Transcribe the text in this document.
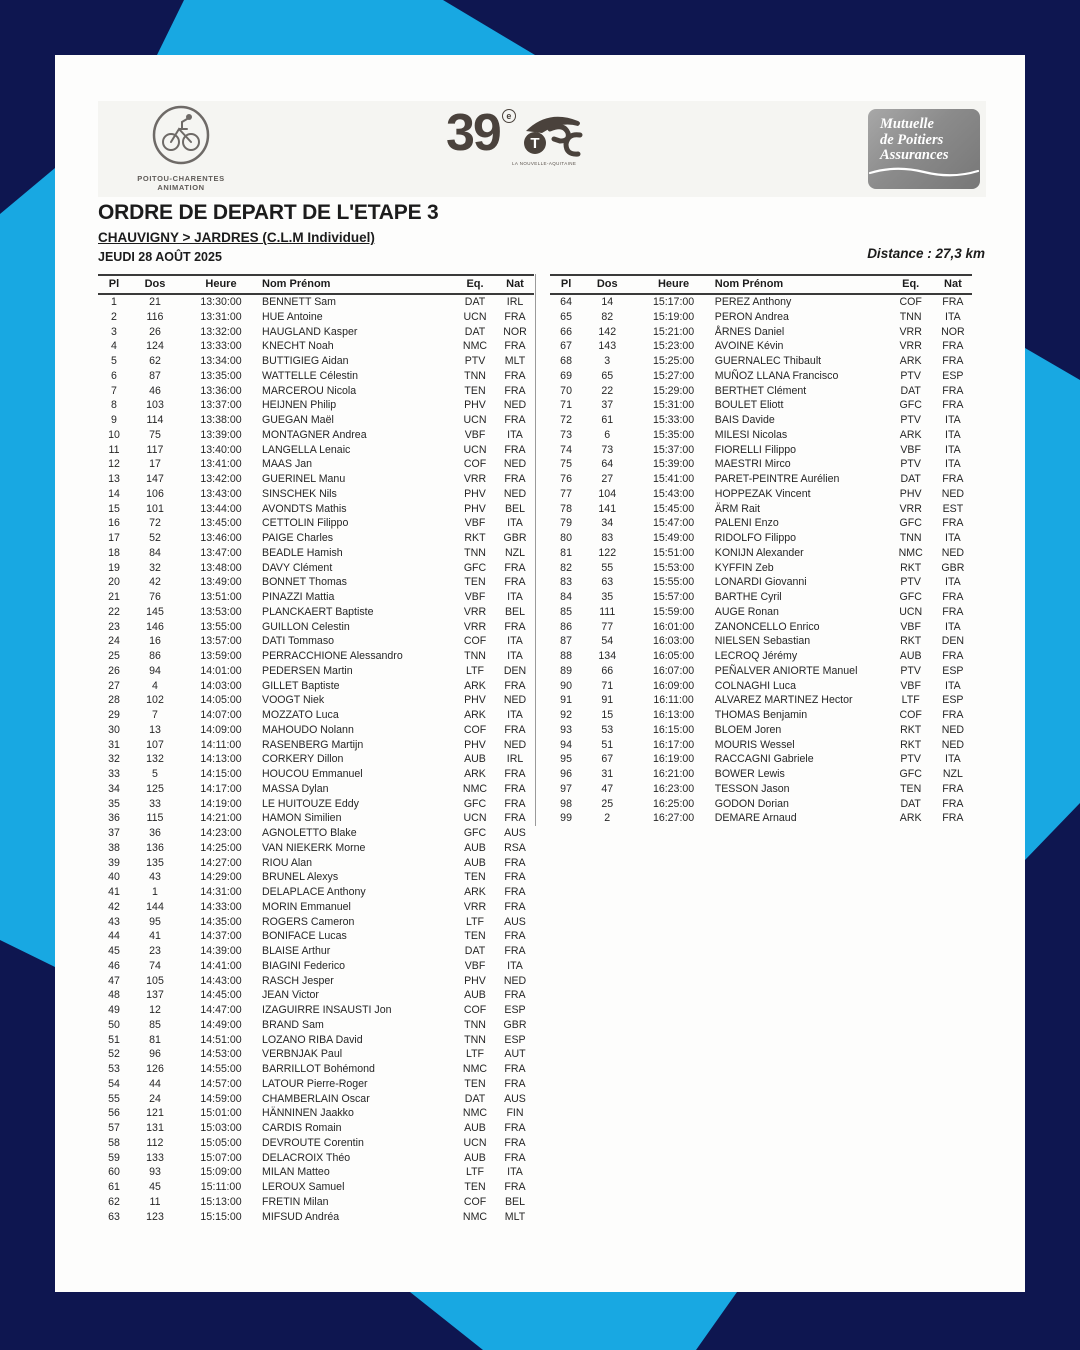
POITOU-CHARENTES
ANIMATION
39 e
T
LA NOUVELLE-AQUITAINE
Mutuelle
de Poitiers
Assurances
ORDRE DE DEPART DE L'ETAPE 3
CHAUVIGNY > JARDRES (C.L.M Individuel)
JEUDI 28 AOÛT 2025	Distance : 27,3 km
Pl	Dos	Heure	Nom Prénom	Eq.	Nat
1	21	13:30:00	BENNETT Sam	DAT	IRL
2	116	13:31:00	HUE Antoine	UCN	FRA
3	26	13:32:00	HAUGLAND Kasper	DAT	NOR
4	124	13:33:00	KNECHT Noah	NMC	FRA
5	62	13:34:00	BUTTIGIEG Aidan	PTV	MLT
6	87	13:35:00	WATTELLE Célestin	TNN	FRA
7	46	13:36:00	MARCEROU Nicola	TEN	FRA
8	103	13:37:00	HEIJNEN Philip	PHV	NED
9	114	13:38:00	GUEGAN Maël	UCN	FRA
10	75	13:39:00	MONTAGNER Andrea	VBF	ITA
11	117	13:40:00	LANGELLA Lenaic	UCN	FRA
12	17	13:41:00	MAAS Jan	COF	NED
13	147	13:42:00	GUERINEL Manu	VRR	FRA
14	106	13:43:00	SINSCHEK Nils	PHV	NED
15	101	13:44:00	AVONDTS Mathis	PHV	BEL
16	72	13:45:00	CETTOLIN Filippo	VBF	ITA
17	52	13:46:00	PAIGE Charles	RKT	GBR
18	84	13:47:00	BEADLE Hamish	TNN	NZL
19	32	13:48:00	DAVY Clément	GFC	FRA
20	42	13:49:00	BONNET Thomas	TEN	FRA
21	76	13:51:00	PINAZZI Mattia	VBF	ITA
22	145	13:53:00	PLANCKAERT Baptiste	VRR	BEL
23	146	13:55:00	GUILLON Celestin	VRR	FRA
24	16	13:57:00	DATI Tommaso	COF	ITA
25	86	13:59:00	PERRACCHIONE Alessandro	TNN	ITA
26	94	14:01:00	PEDERSEN Martin	LTF	DEN
27	4	14:03:00	GILLET Baptiste	ARK	FRA
28	102	14:05:00	VOOGT Niek	PHV	NED
29	7	14:07:00	MOZZATO Luca	ARK	ITA
30	13	14:09:00	MAHOUDO Nolann	COF	FRA
31	107	14:11:00	RASENBERG Martijn	PHV	NED
32	132	14:13:00	CORKERY Dillon	AUB	IRL
33	5	14:15:00	HOUCOU Emmanuel	ARK	FRA
34	125	14:17:00	MASSA Dylan	NMC	FRA
35	33	14:19:00	LE HUITOUZE Eddy	GFC	FRA
36	115	14:21:00	HAMON Similien	UCN	FRA
37	36	14:23:00	AGNOLETTO Blake	GFC	AUS
38	136	14:25:00	VAN NIEKERK Morne	AUB	RSA
39	135	14:27:00	RIOU Alan	AUB	FRA
40	43	14:29:00	BRUNEL Alexys	TEN	FRA
41	1	14:31:00	DELAPLACE Anthony	ARK	FRA
42	144	14:33:00	MORIN Emmanuel	VRR	FRA
43	95	14:35:00	ROGERS Cameron	LTF	AUS
44	41	14:37:00	BONIFACE Lucas	TEN	FRA
45	23	14:39:00	BLAISE Arthur	DAT	FRA
46	74	14:41:00	BIAGINI Federico	VBF	ITA
47	105	14:43:00	RASCH Jesper	PHV	NED
48	137	14:45:00	JEAN Victor	AUB	FRA
49	12	14:47:00	IZAGUIRRE INSAUSTI Jon	COF	ESP
50	85	14:49:00	BRAND Sam	TNN	GBR
51	81	14:51:00	LOZANO RIBA David	TNN	ESP
52	96	14:53:00	VERBNJAK Paul	LTF	AUT
53	126	14:55:00	BARRILLOT Bohémond	NMC	FRA
54	44	14:57:00	LATOUR Pierre-Roger	TEN	FRA
55	24	14:59:00	CHAMBERLAIN Oscar	DAT	AUS
56	121	15:01:00	HÄNNINEN Jaakko	NMC	FIN
57	131	15:03:00	CARDIS Romain	AUB	FRA
58	112	15:05:00	DEVROUTE Corentin	UCN	FRA
59	133	15:07:00	DELACROIX Théo	AUB	FRA
60	93	15:09:00	MILAN Matteo	LTF	ITA
61	45	15:11:00	LEROUX Samuel	TEN	FRA
62	11	15:13:00	FRETIN Milan	COF	BEL
63	123	15:15:00	MIFSUD Andréa	NMC	MLT
Pl	Dos	Heure	Nom Prénom	Eq.	Nat
64	14	15:17:00	PEREZ Anthony	COF	FRA
65	82	15:19:00	PERON Andrea	TNN	ITA
66	142	15:21:00	ÅRNES Daniel	VRR	NOR
67	143	15:23:00	AVOINE Kévin	VRR	FRA
68	3	15:25:00	GUERNALEC Thibault	ARK	FRA
69	65	15:27:00	MUÑOZ LLANA Francisco	PTV	ESP
70	22	15:29:00	BERTHET Clément	DAT	FRA
71	37	15:31:00	BOULET Eliott	GFC	FRA
72	61	15:33:00	BAIS Davide	PTV	ITA
73	6	15:35:00	MILESI Nicolas	ARK	ITA
74	73	15:37:00	FIORELLI Filippo	VBF	ITA
75	64	15:39:00	MAESTRI Mirco	PTV	ITA
76	27	15:41:00	PARET-PEINTRE Aurélien	DAT	FRA
77	104	15:43:00	HOPPEZAK Vincent	PHV	NED
78	141	15:45:00	ÄRM Rait	VRR	EST
79	34	15:47:00	PALENI Enzo	GFC	FRA
80	83	15:49:00	RIDOLFO Filippo	TNN	ITA
81	122	15:51:00	KONIJN Alexander	NMC	NED
82	55	15:53:00	KYFFIN Zeb	RKT	GBR
83	63	15:55:00	LONARDI Giovanni	PTV	ITA
84	35	15:57:00	BARTHE Cyril	GFC	FRA
85	111	15:59:00	AUGE Ronan	UCN	FRA
86	77	16:01:00	ZANONCELLO Enrico	VBF	ITA
87	54	16:03:00	NIELSEN Sebastian	RKT	DEN
88	134	16:05:00	LECROQ Jérémy	AUB	FRA
89	66	16:07:00	PEÑALVER ANIORTE Manuel	PTV	ESP
90	71	16:09:00	COLNAGHI Luca	VBF	ITA
91	91	16:11:00	ALVAREZ MARTINEZ Hector	LTF	ESP
92	15	16:13:00	THOMAS Benjamin	COF	FRA
93	53	16:15:00	BLOEM Joren	RKT	NED
94	51	16:17:00	MOURIS Wessel	RKT	NED
95	67	16:19:00	RACCAGNI Gabriele	PTV	ITA
96	31	16:21:00	BOWER Lewis	GFC	NZL
97	47	16:23:00	TESSON Jason	TEN	FRA
98	25	16:25:00	GODON Dorian	DAT	FRA
99	2	16:27:00	DEMARE Arnaud	ARK	FRA
